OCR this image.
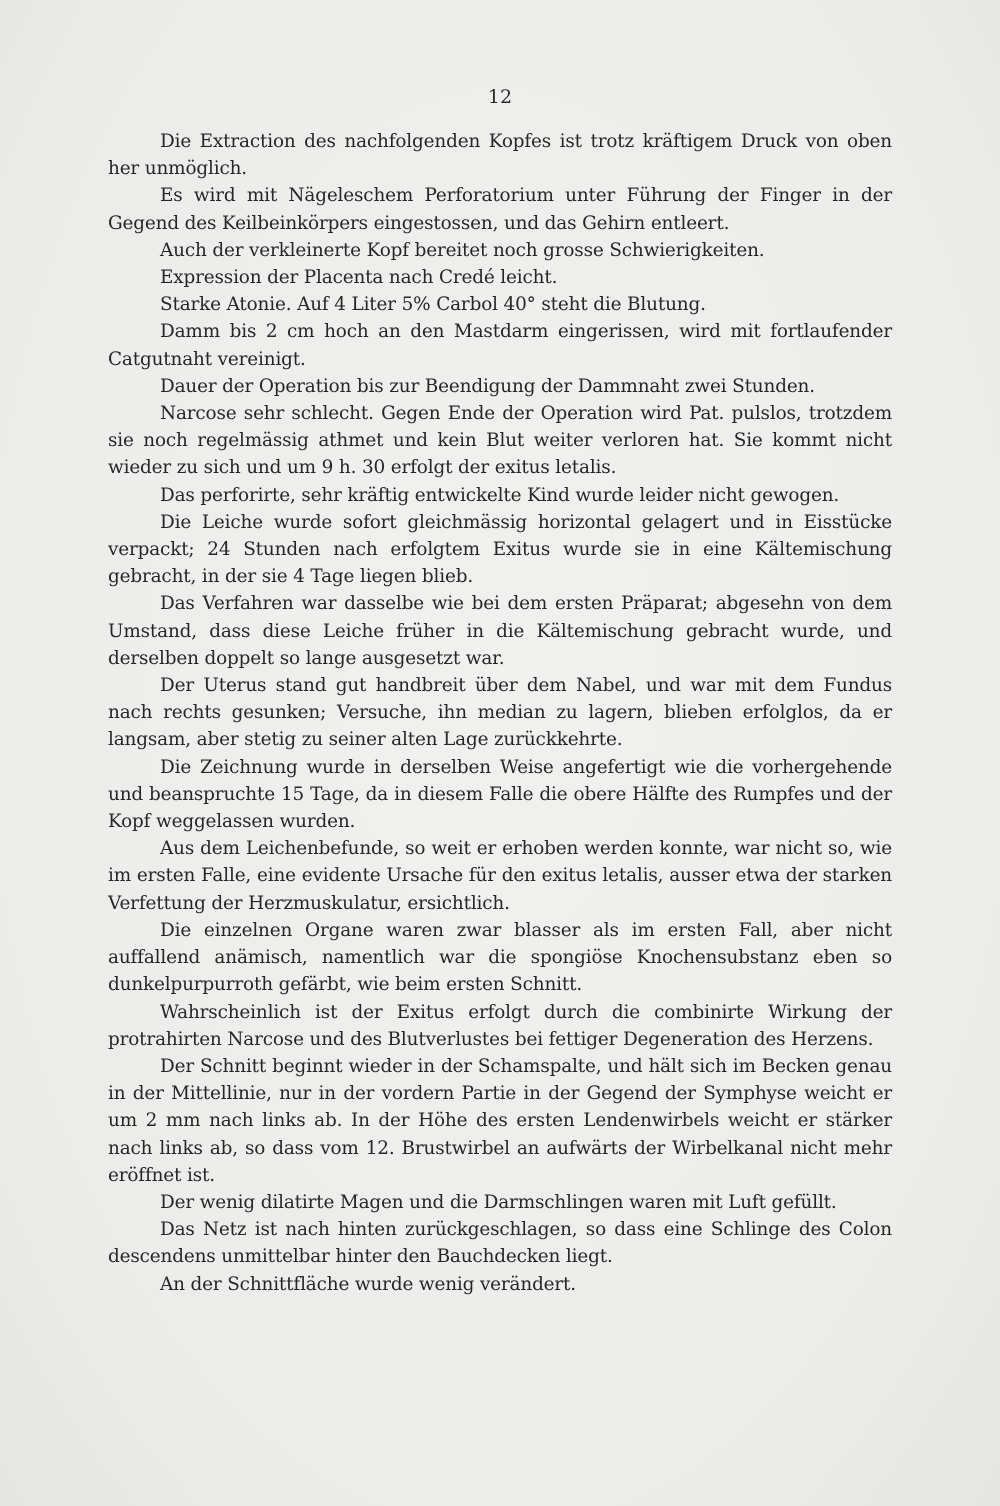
12

Die Extraction des nachfolgenden Kopfes ist trotz kräftigem Druck von oben her unmöglich.

Es wird mit Nägeleschem Perforatorium unter Führung der Finger in der Gegend des Keilbeinkörpers eingestossen, und das Gehirn entleert.

Auch der verkleinerte Kopf bereitet noch grosse Schwierigkeiten.

Expression der Placenta nach Credé leicht.

Starke Atonie. Auf 4 Liter 5% Carbol 40° steht die Blutung.

Damm bis 2 cm hoch an den Mastdarm eingerissen, wird mit fortlaufender Catgutnaht vereinigt.

Dauer der Operation bis zur Beendigung der Dammnaht zwei Stunden.

Narcose sehr schlecht. Gegen Ende der Operation wird Pat. pulslos, trotzdem sie noch regelmässig athmet und kein Blut weiter verloren hat. Sie kommt nicht wieder zu sich und um 9 h. 30 erfolgt der exitus letalis.

Das perforirte, sehr kräftig entwickelte Kind wurde leider nicht gewogen.

Die Leiche wurde sofort gleichmässig horizontal gelagert und in Eisstücke verpackt; 24 Stunden nach erfolgtem Exitus wurde sie in eine Kältemischung gebracht, in der sie 4 Tage liegen blieb.

Das Verfahren war dasselbe wie bei dem ersten Präparat; abgesehn von dem Umstand, dass diese Leiche früher in die Kältemischung gebracht wurde, und derselben doppelt so lange ausgesetzt war.

Der Uterus stand gut handbreit über dem Nabel, und war mit dem Fundus nach rechts gesunken; Versuche, ihn median zu lagern, blieben erfolglos, da er langsam, aber stetig zu seiner alten Lage zurückkehrte.

Die Zeichnung wurde in derselben Weise angefertigt wie die vorhergehende und beanspruchte 15 Tage, da in diesem Falle die obere Hälfte des Rumpfes und der Kopf weggelassen wurden.

Aus dem Leichenbefunde, so weit er erhoben werden konnte, war nicht so, wie im ersten Falle, eine evidente Ursache für den exitus letalis, ausser etwa der starken Verfettung der Herzmuskulatur, ersichtlich.

Die einzelnen Organe waren zwar blasser als im ersten Fall, aber nicht auffallend anämisch, namentlich war die spongiöse Knochensubstanz eben so dunkelpurpurroth gefärbt, wie beim ersten Schnitt.

Wahrscheinlich ist der Exitus erfolgt durch die combinirte Wirkung der protrahirten Narcose und des Blutverlustes bei fettiger Degeneration des Herzens.

Der Schnitt beginnt wieder in der Schamspalte, und hält sich im Becken genau in der Mittellinie, nur in der vordern Partie in der Gegend der Symphyse weicht er um 2 mm nach links ab. In der Höhe des ersten Lendenwirbels weicht er stärker nach links ab, so dass vom 12. Brustwirbel an aufwärts der Wirbelkanal nicht mehr eröffnet ist.

Der wenig dilatirte Magen und die Darmschlingen waren mit Luft gefüllt.

Das Netz ist nach hinten zurückgeschlagen, so dass eine Schlinge des Colon descendens unmittelbar hinter den Bauchdecken liegt.

An der Schnittfläche wurde wenig verändert.
